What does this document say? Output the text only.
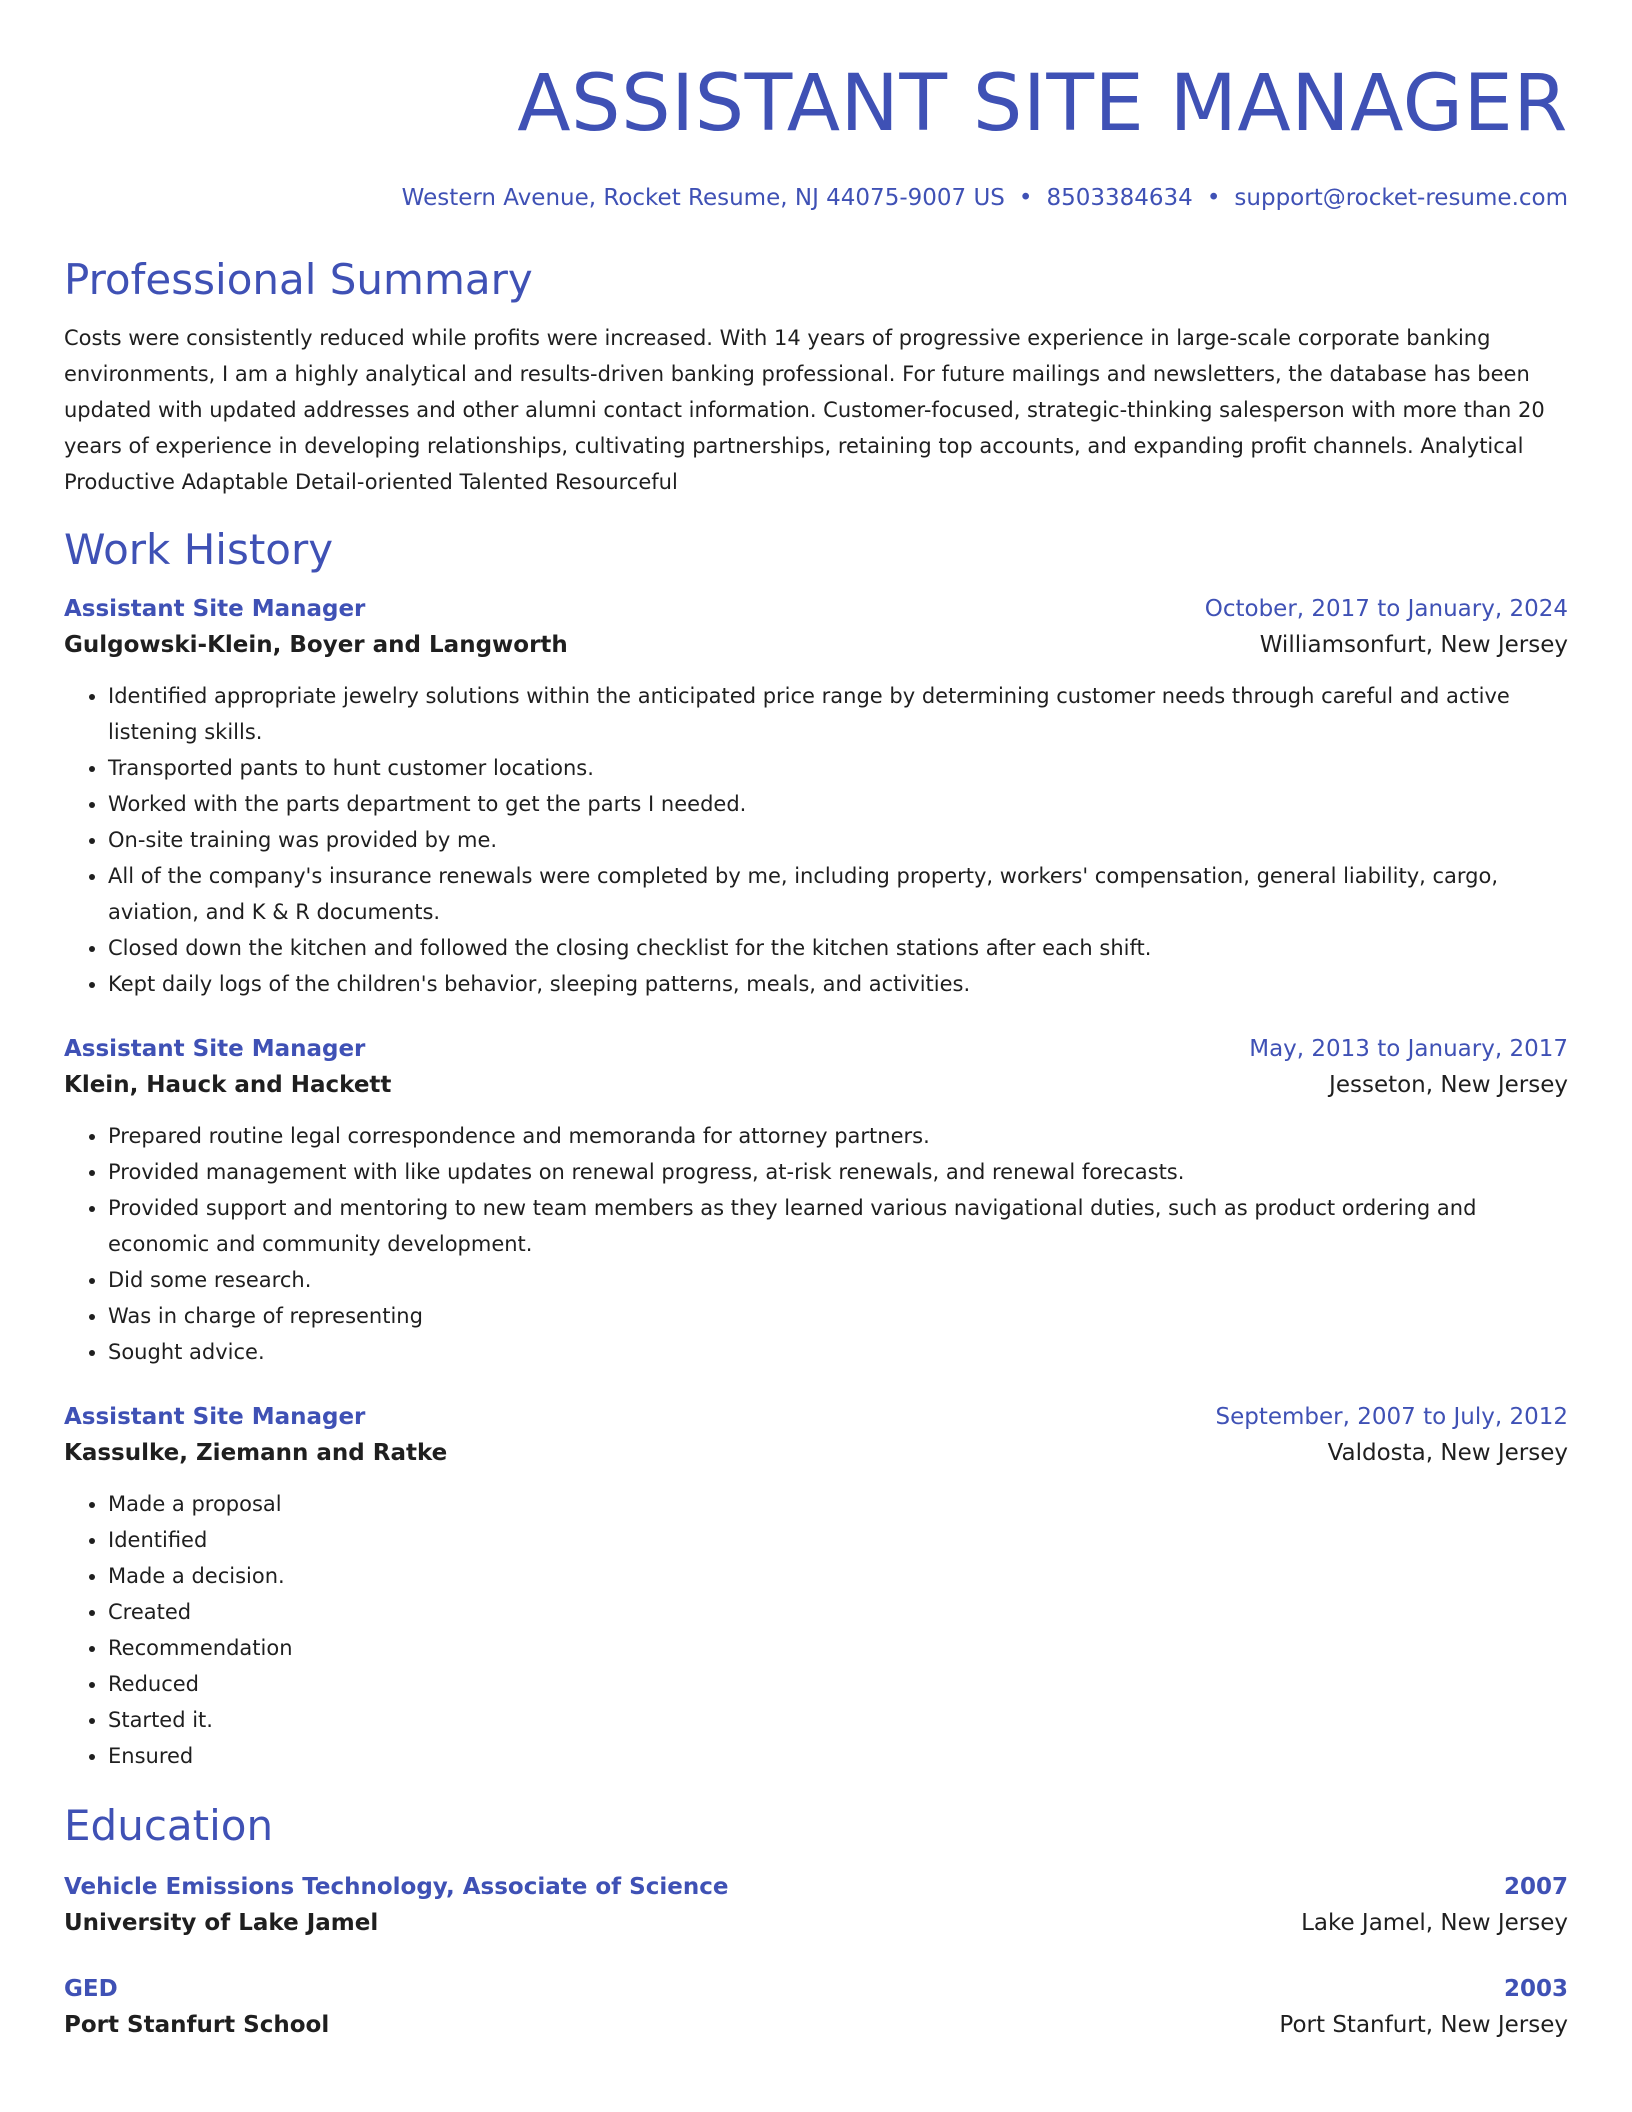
ASSISTANT SITE MANAGER
Western Avenue, Rocket Resume, NJ 44075-9007 US • 8503384634 • support@rocket-resume.com
Professional Summary
Costs were consistently reduced while profits were increased. With 14 years of progressive experience in large-scale corporate banking environments, I am a highly analytical and results-driven banking professional. For future mailings and newsletters, the database has been updated with updated addresses and other alumni contact information. Customer-focused, strategic-thinking salesperson with more than 20 years of experience in developing relationships, cultivating partnerships, retaining top accounts, and expanding profit channels. Analytical Productive Adaptable Detail-oriented Talented Resourceful
Work History
Assistant Site Manager	October, 2017 to January, 2024
Gulgowski-Klein, Boyer and Langworth	Williamsonfurt, New Jersey
• Identified appropriate jewelry solutions within the anticipated price range by determining customer needs through careful and active listening skills.
• Transported pants to hunt customer locations.
• Worked with the parts department to get the parts I needed.
• On-site training was provided by me.
• All of the company's insurance renewals were completed by me, including property, workers' compensation, general liability, cargo, aviation, and K & R documents.
• Closed down the kitchen and followed the closing checklist for the kitchen stations after each shift.
• Kept daily logs of the children's behavior, sleeping patterns, meals, and activities.
Assistant Site Manager	May, 2013 to January, 2017
Klein, Hauck and Hackett	Jesseton, New Jersey
• Prepared routine legal correspondence and memoranda for attorney partners.
• Provided management with like updates on renewal progress, at-risk renewals, and renewal forecasts.
• Provided support and mentoring to new team members as they learned various navigational duties, such as product ordering and economic and community development.
• Did some research.
• Was in charge of representing
• Sought advice.
Assistant Site Manager	September, 2007 to July, 2012
Kassulke, Ziemann and Ratke	Valdosta, New Jersey
• Made a proposal
• Identified
• Made a decision.
• Created
• Recommendation
• Reduced
• Started it.
• Ensured
Education
Vehicle Emissions Technology, Associate of Science	2007
University of Lake Jamel	Lake Jamel, New Jersey
GED	2003
Port Stanfurt School	Port Stanfurt, New Jersey
